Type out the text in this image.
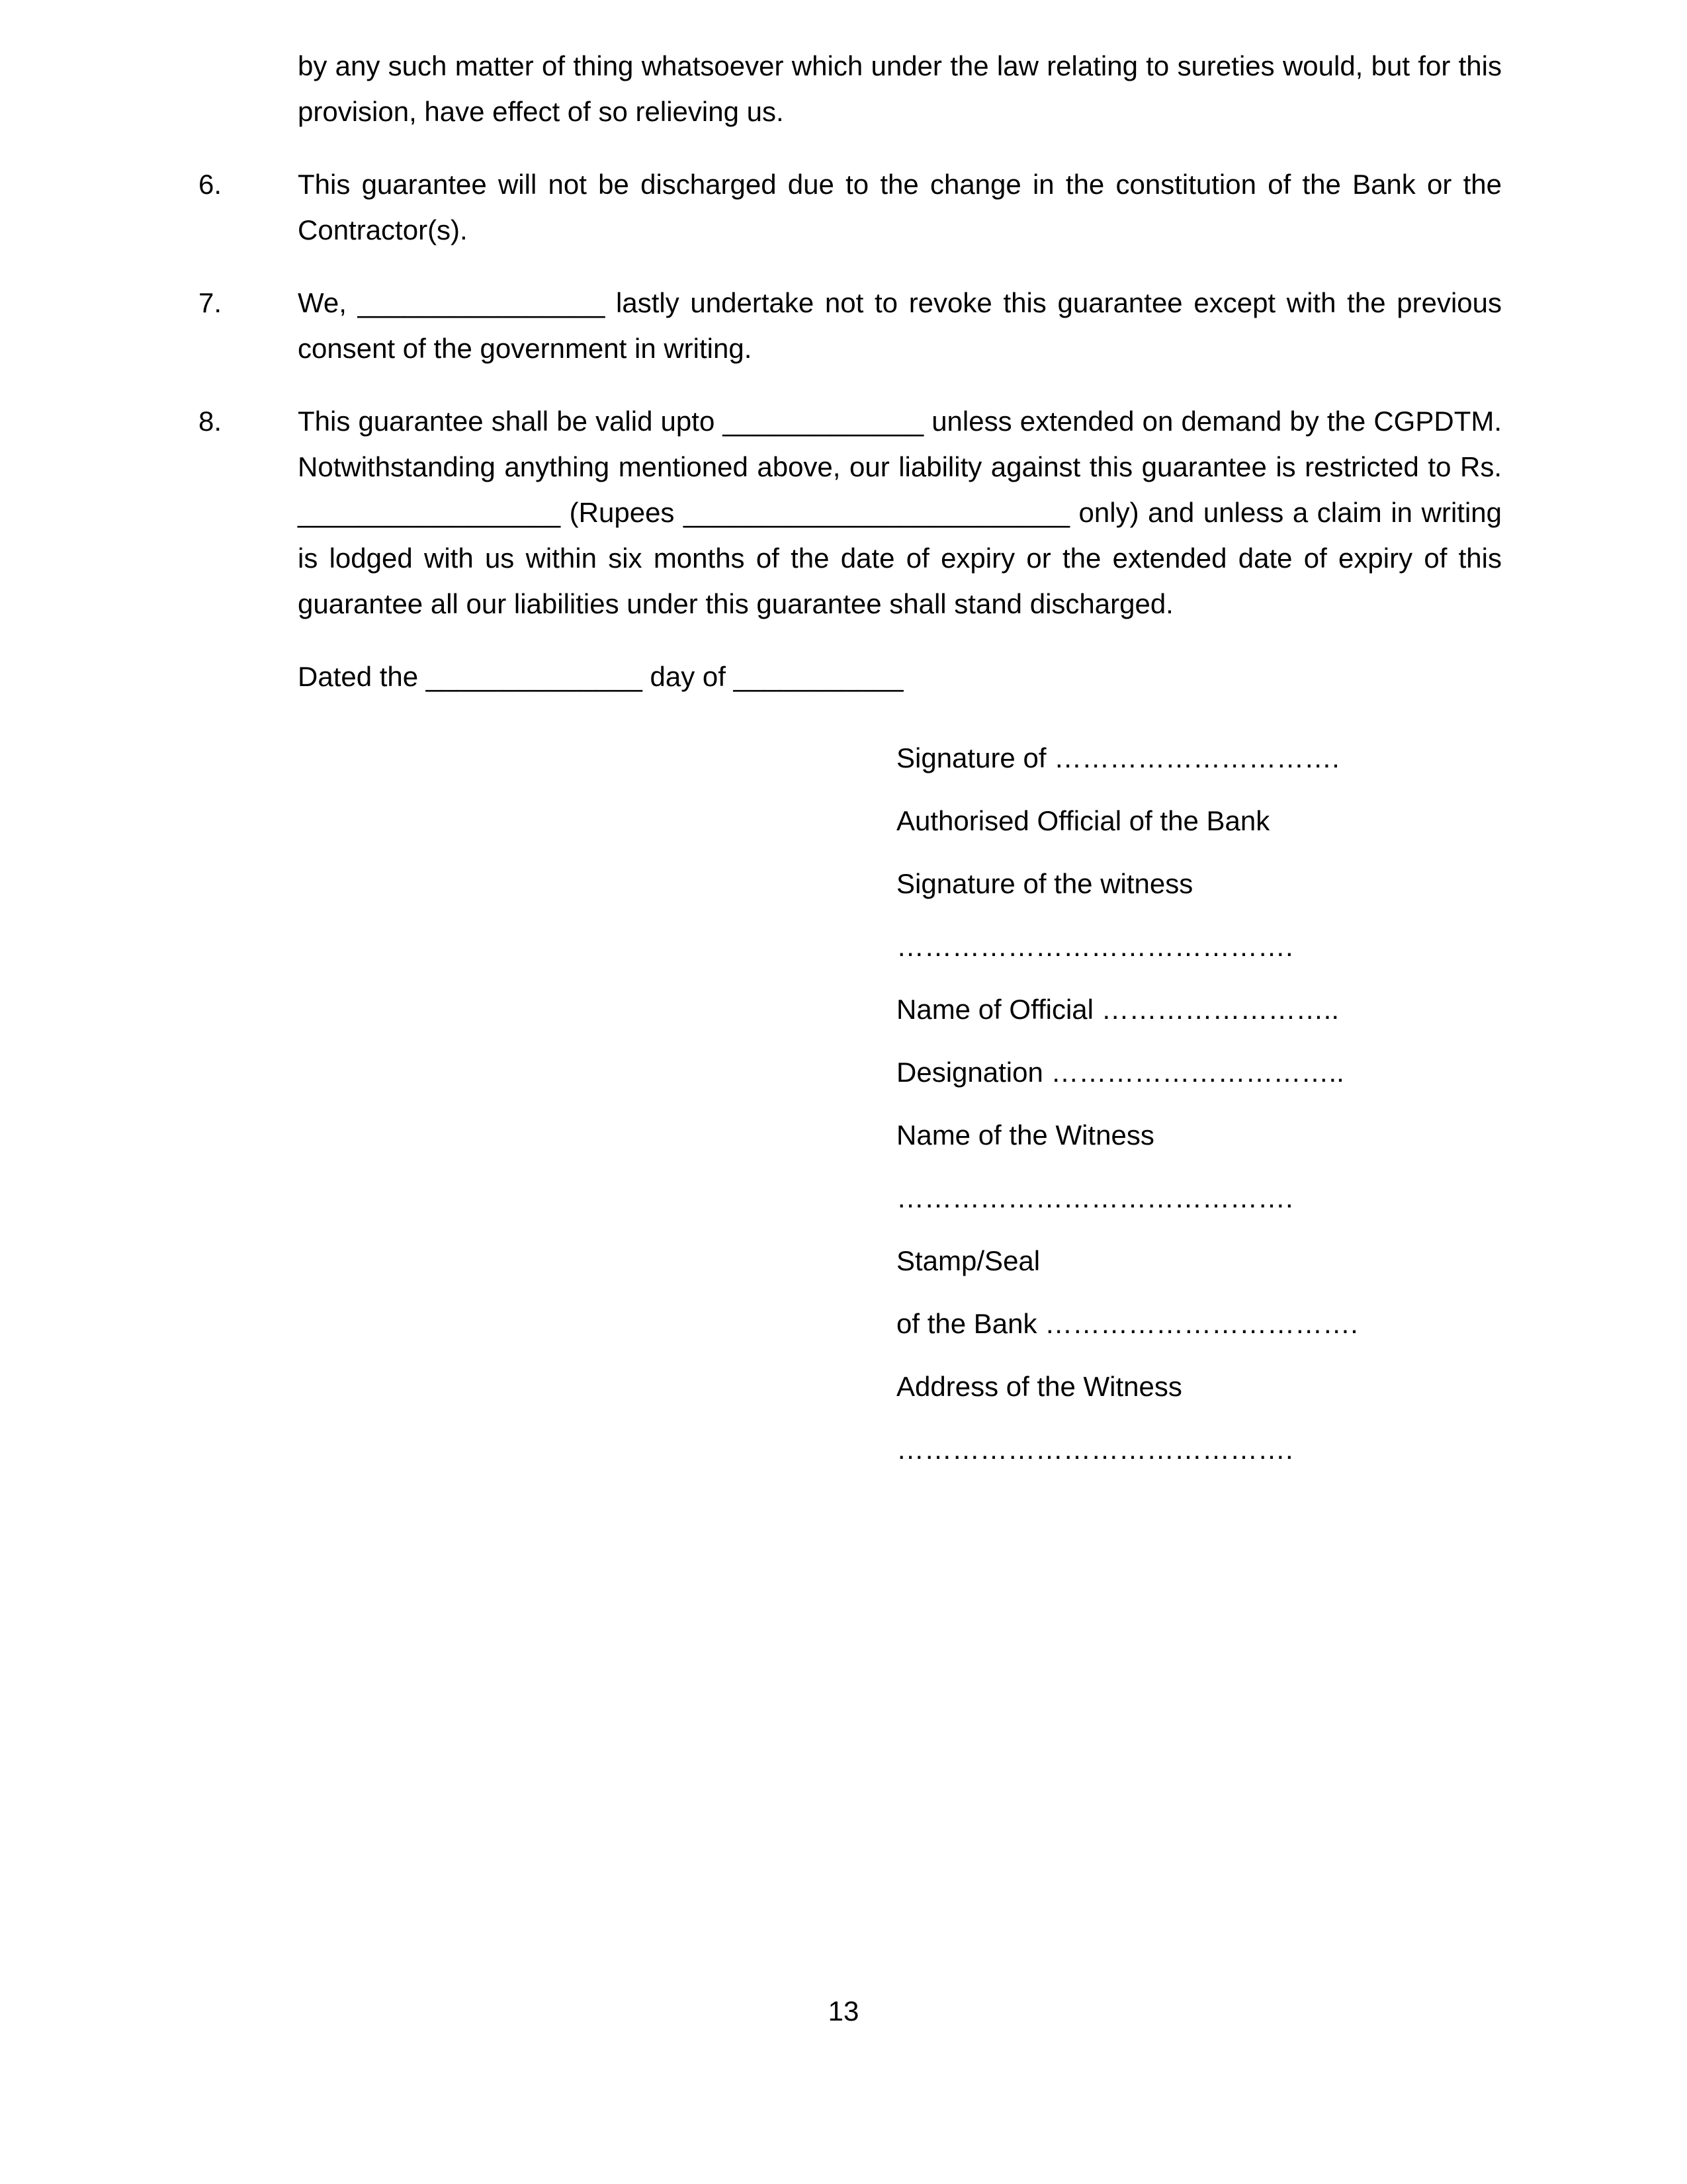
by any such matter of thing whatsoever which under the law relating to sureties would, but for this provision, have effect of so relieving us.
6.	This guarantee will not be discharged due to the change in the constitution of the Bank or the Contractor(s).
7.	We, ________________ lastly undertake not to revoke this guarantee except with the previous consent of the government in writing.
8.	This guarantee shall be valid upto _____________ unless extended on demand by the CGPDTM. Notwithstanding anything mentioned above, our liability against this guarantee is restricted to Rs. _________________ (Rupees _________________________ only) and unless a claim in writing is lodged with us within six months of the date of expiry or the extended date of expiry of this guarantee all our liabilities under this guarantee shall stand discharged.
Dated the ______________ day of ___________
Signature of ………………………….
Authorised Official of the Bank
Signature of the witness
…………………………………….
Name of Official ……………………..
Designation …………………………..
Name of the Witness
…………………………………….
Stamp/Seal
of the Bank …………………………….
Address of the Witness
…………………………………….
13
